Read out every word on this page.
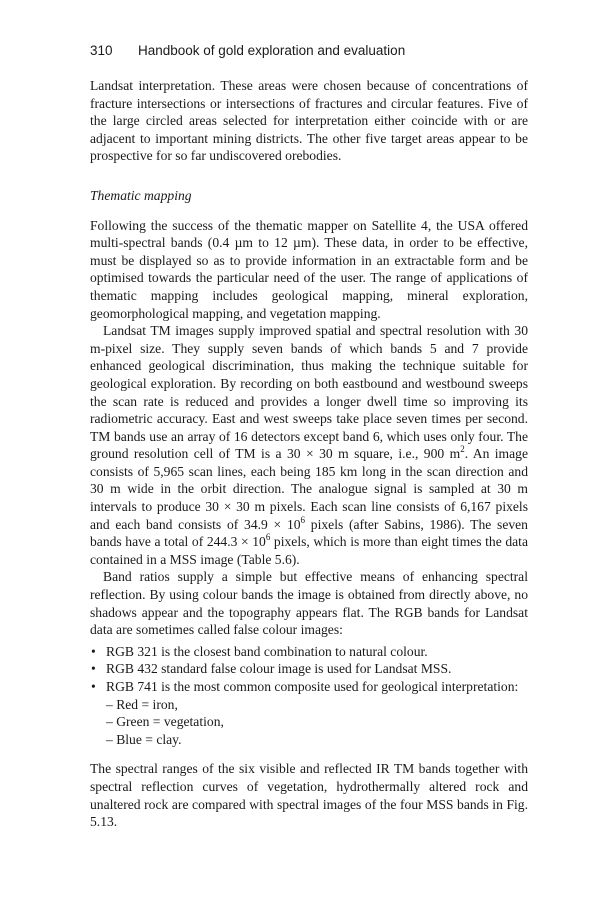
310 Handbook of gold exploration and evaluation

Landsat interpretation. These areas were chosen because of concentrations of fracture intersections or intersections of fractures and circular features. Five of the large circled areas selected for interpretation either coincide with or are adjacent to important mining districts. The other five target areas appear to be prospective for so far undiscovered orebodies.

Thematic mapping

Following the success of the thematic mapper on Satellite 4, the USA offered multi-spectral bands (0.4 µm to 12 µm). These data, in order to be effective, must be displayed so as to provide information in an extractable form and be optimised towards the particular need of the user. The range of applications of thematic mapping includes geological mapping, mineral exploration, geomorphological mapping, and vegetation mapping.

Landsat TM images supply improved spatial and spectral resolution with 30 m-pixel size. They supply seven bands of which bands 5 and 7 provide enhanced geological discrimination, thus making the technique suitable for geological exploration. By recording on both eastbound and westbound sweeps the scan rate is reduced and provides a longer dwell time so improving its radiometric accuracy. East and west sweeps take place seven times per second. TM bands use an array of 16 detectors except band 6, which uses only four. The ground resolution cell of TM is a 30 × 30 m square, i.e., 900 $m^2$. An image consists of 5,965 scan lines, each being 185 km long in the scan direction and 30 m wide in the orbit direction. The analogue signal is sampled at 30 m intervals to produce 30 × 30 m pixels. Each scan line consists of 6,167 pixels and each band consists of $34.9 \times 10^6$ pixels (after Sabins, 1986). The seven bands have a total of $244.3 \times 10^6$ pixels, which is more than eight times the data contained in a MSS image (Table 5.6).

Band ratios supply a simple but effective means of enhancing spectral reflection. By using colour bands the image is obtained from directly above, no shadows appear and the topography appears flat. The RGB bands for Landsat data are sometimes called false colour images:

• RGB 321 is the closest band combination to natural colour.
• RGB 432 standard false colour image is used for Landsat MSS.
• RGB 741 is the most common composite used for geological interpretation:
– Red = iron,
– Green = vegetation,
– Blue = clay.

The spectral ranges of the six visible and reflected IR TM bands together with spectral reflection curves of vegetation, hydrothermally altered rock and unaltered rock are compared with spectral images of the four MSS bands in Fig. 5.13.
